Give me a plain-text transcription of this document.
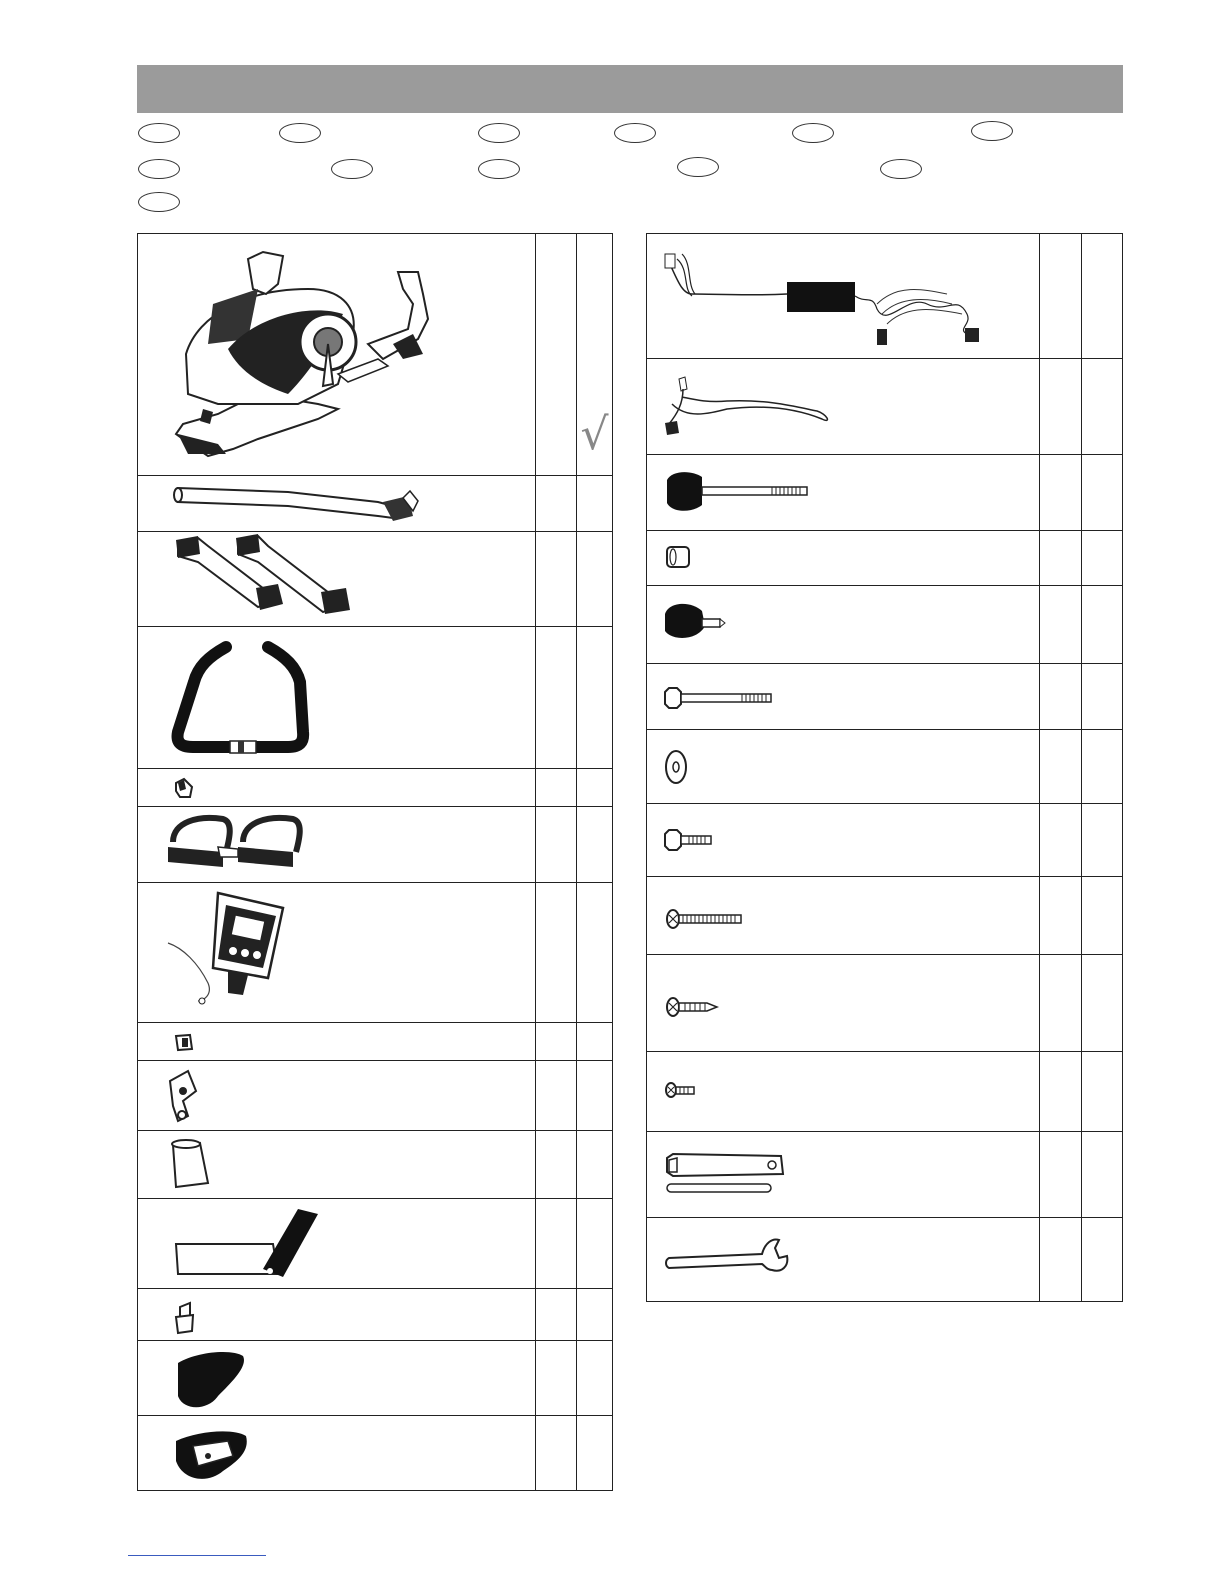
√
